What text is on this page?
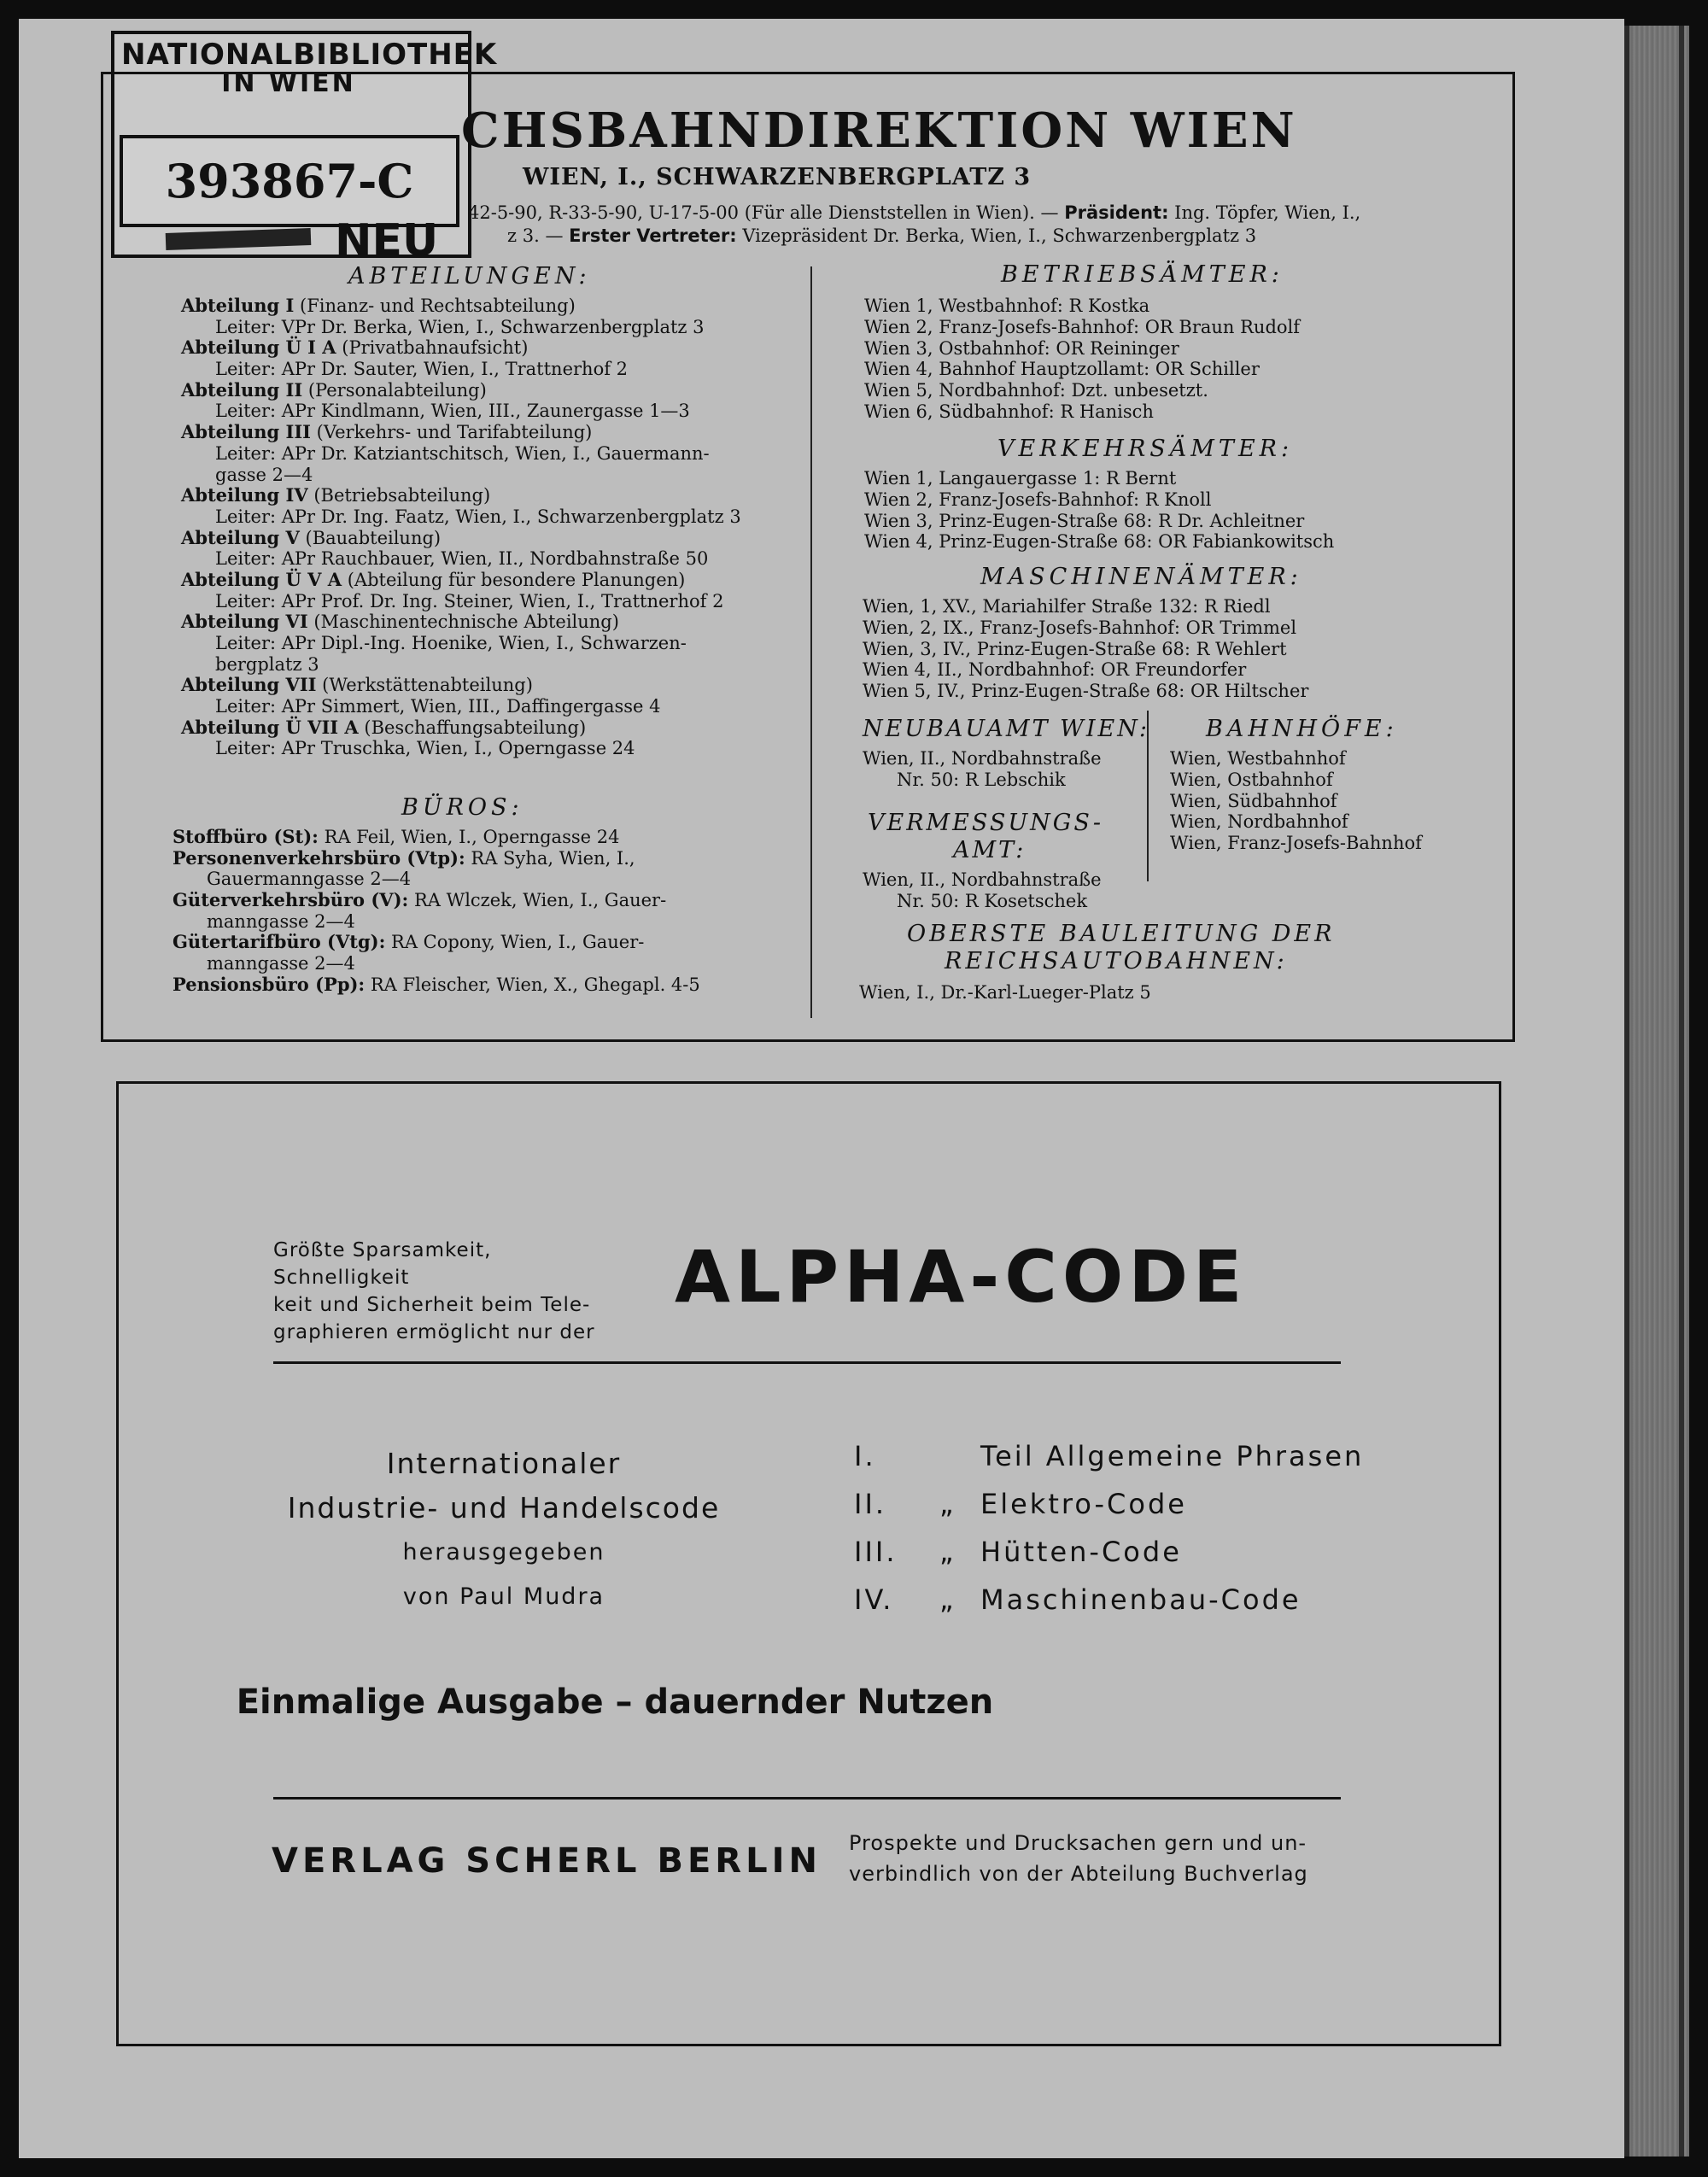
NATIONALBIBLIOTHEK
IN WIEN
393867-C
NEU
CHSBAHNDIREKTION WIEN
WIEN, I., SCHWARZENBERGPLATZ 3
42-5-90, R-33-5-90, U-17-5-00 (Für alle Dienststellen in Wien). — Präsident: Ing. Töpfer, Wien, I.,
z 3. — Erster Vertreter: Vizepräsident Dr. Berka, Wien, I., Schwarzenbergplatz 3
ABTEILUNGEN:
Abteilung I (Finanz- und Rechtsabteilung)
Leiter: VPr Dr. Berka, Wien, I., Schwarzenbergplatz 3
Abteilung Ü I A (Privatbahnaufsicht)
Leiter: APr Dr. Sauter, Wien, I., Trattnerhof 2
Abteilung II (Personalabteilung)
Leiter: APr Kindlmann, Wien, III., Zaunergasse 1—3
Abteilung III (Verkehrs- und Tarifabteilung)
Leiter: APr Dr. Katziantschitsch, Wien, I., Gauermann-
gasse 2—4
Abteilung IV (Betriebsabteilung)
Leiter: APr Dr. Ing. Faatz, Wien, I., Schwarzenbergplatz 3
Abteilung V (Bauabteilung)
Leiter: APr Rauchbauer, Wien, II., Nordbahnstraße 50
Abteilung Ü V A (Abteilung für besondere Planungen)
Leiter: APr Prof. Dr. Ing. Steiner, Wien, I., Trattnerhof 2
Abteilung VI (Maschinentechnische Abteilung)
Leiter: APr Dipl.-Ing. Hoenike, Wien, I., Schwarzen-
bergplatz 3
Abteilung VII (Werkstättenabteilung)
Leiter: APr Simmert, Wien, III., Daffingergasse 4
Abteilung Ü VII A (Beschaffungsabteilung)
Leiter: APr Truschka, Wien, I., Operngasse 24
BÜROS:
Stoffbüro (St): RA Feil, Wien, I., Operngasse 24
Personenverkehrsbüro (Vtp): RA Syha, Wien, I.,
Gauermanngasse 2—4
Güterverkehrsbüro (V): RA Wlczek, Wien, I., Gauer-
manngasse 2—4
Gütertarifbüro (Vtg): RA Copony, Wien, I., Gauer-
manngasse 2—4
Pensionsbüro (Pp): RA Fleischer, Wien, X., Ghegapl. 4-5
BETRIEBSÄMTER:
Wien 1, Westbahnhof: R Kostka
Wien 2, Franz-Josefs-Bahnhof: OR Braun Rudolf
Wien 3, Ostbahnhof: OR Reininger
Wien 4, Bahnhof Hauptzollamt: OR Schiller
Wien 5, Nordbahnhof: Dzt. unbesetzt.
Wien 6, Südbahnhof: R Hanisch
VERKEHRSÄMTER:
Wien 1, Langauergasse 1: R Bernt
Wien 2, Franz-Josefs-Bahnhof: R Knoll
Wien 3, Prinz-Eugen-Straße 68: R Dr. Achleitner
Wien 4, Prinz-Eugen-Straße 68: OR Fabiankowitsch
MASCHINENÄMTER:
Wien, 1, XV., Mariahilfer Straße 132: R Riedl
Wien, 2, IX., Franz-Josefs-Bahnhof: OR Trimmel
Wien, 3, IV., Prinz-Eugen-Straße 68: R Wehlert
Wien 4, II., Nordbahnhof: OR Freundorfer
Wien 5, IV., Prinz-Eugen-Straße 68: OR Hiltscher
NEUBAUAMT WIEN:
Wien, II., Nordbahnstraße
Nr. 50: R Lebschik
BAHNHÖFE:
Wien, Westbahnhof
Wien, Ostbahnhof
Wien, Südbahnhof
Wien, Nordbahnhof
Wien, Franz-Josefs-Bahnhof
VERMESSUNGS-
AMT:
Wien, II., Nordbahnstraße
Nr. 50: R Kosetschek
OBERSTE BAULEITUNG DER
REICHSAUTOBAHNEN:
Wien, I., Dr.-Karl-Lueger-Platz 5
Größte Sparsamkeit, Schnelligkeit
keit und Sicherheit beim Tele-
graphieren ermöglicht nur der
ALPHA-CODE
Internationaler
Industrie- und Handelscode
herausgegeben
von Paul Mudra
I.	Teil Allgemeine Phrasen
II.	„ Elektro-Code
III.	„ Hütten-Code
IV.	„ Maschinenbau-Code
Einmalige Ausgabe – dauernder Nutzen
VERLAG SCHERL BERLIN Prospekte und Drucksachen gern und un-
verbindlich von der Abteilung Buchverlag
